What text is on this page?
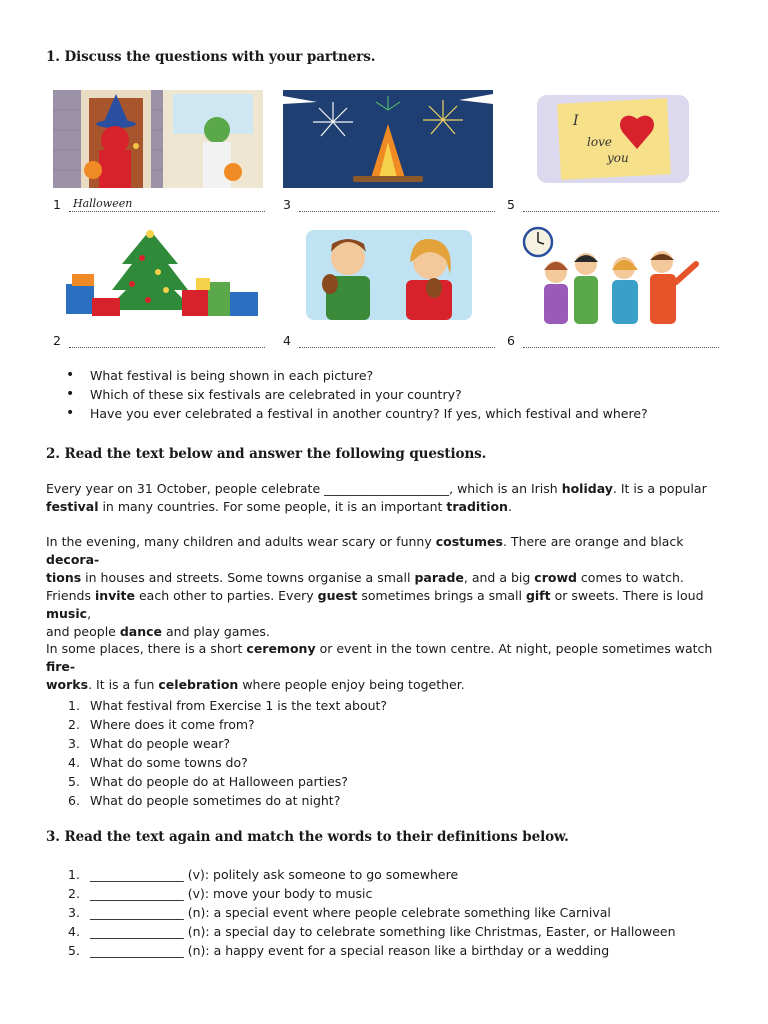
1. Discuss the questions with your partners.
I
love
you
1	Halloween	3	5
2	4	6
• What festival is being shown in each picture?
• Which of these six festivals are celebrated in your country?
• Have you ever celebrated a festival in another country? If yes, which festival and where?
2. Read the text below and answer the following questions.

Every year on 31 October, people celebrate ____________________, which is an Irish holiday. It is a popular
festival in many countries. For some people, it is an important tradition.

In the evening, many children and adults wear scary or funny costumes. There are orange and black decora-
tions in houses and streets. Some towns organise a small parade, and a big crowd comes to watch.

Friends invite each other to parties. Every guest sometimes brings a small gift or sweets. There is loud music,
and people dance and play games.

In some places, there is a short ceremony or event in the town centre. At night, people sometimes watch fire-
works. It is a fun celebration where people enjoy being together.

1. What festival from Exercise 1 is the text about?
2. Where does it come from?
3. What do people wear?
4. What do some towns do?
5. What do people do at Halloween parties?
6. What do people sometimes do at night?
3. Read the text again and match the words to their definitions below.
1. _______________ (v): politely ask someone to go somewhere
2. _______________ (v): move your body to music
3. _______________ (n): a special event where people celebrate something like Carnival
4. _______________ (n): a special day to celebrate something like Christmas, Easter, or Halloween
5. _______________ (n): a happy event for a special reason like a birthday or a wedding
